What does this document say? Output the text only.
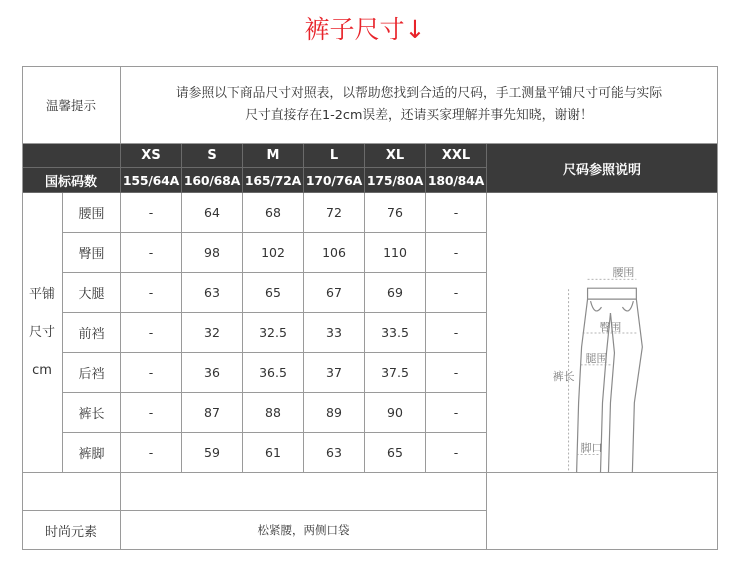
裤子尺寸↓
温馨提示
请参照以下商品尺寸对照表，以帮助您找到合适的尺码，手工测量平铺尺寸可能与实际
尺寸直接存在1-2cm误差，还请买家理解并事先知晓，谢谢！
XS	S	M	L	XL	XXL
国标码数	155/64A 160/68A 165/72A 170/76A 175/80A 180/84A
尺码参照说明
平铺
尺寸
cm
腰围	-	64	68	72	76	-
臀围	-	98	102	106	110	-
大腿	-	63	65	67	69	-
前裆	-	32	32.5	33	33.5	-
后裆	-	36	36.5	37	37.5	-
裤长	-	87	88	89	90	-
裤脚	-	59	61	63	65	-
腰围
臀围
腿围
裤长
脚口
时尚元素	松紧腰，两侧口袋
